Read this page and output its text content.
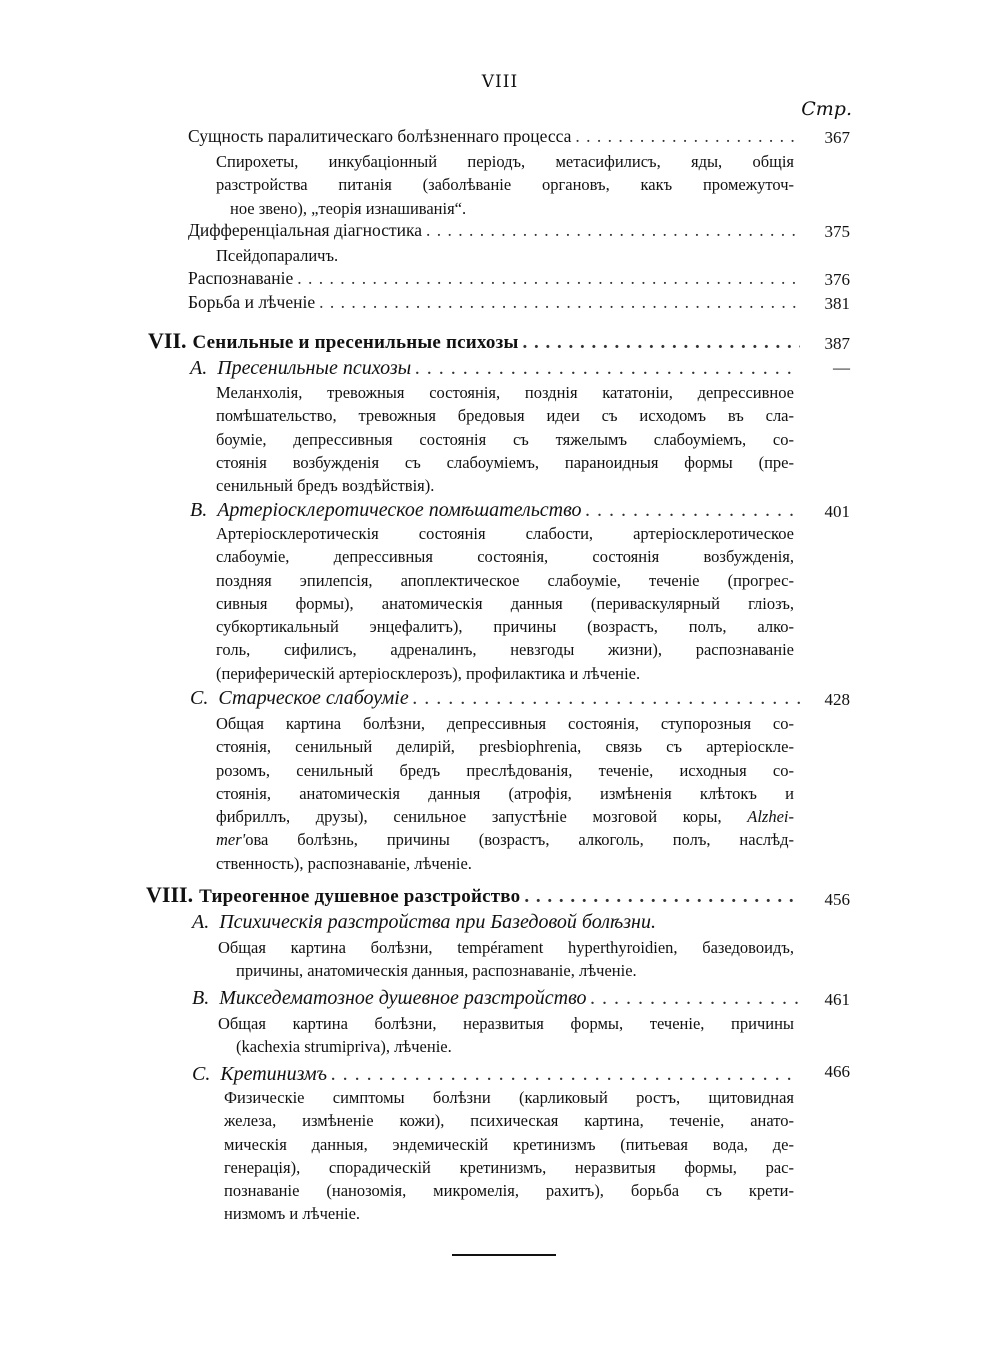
VIII
Стр.
Сущность паралитическаго болѣзненнаго процесса . . .	367
Спирохеты, инкубаціонный періодъ, метасифилисъ, яды, общія
разстройства питанія (заболѣваніе органовъ, какъ промежуточ-
ное звено), „теорія изнашиванія“.
Дифференціальная діагностика . . .	375
Псейдопараличъ.
Распознаваніе . . .	376
Борьба и лѣченіе . . .	381
VII. Сенильные и пресенильные психозы . . .	387
A. Пресенильные психозы . . .	—
Меланхолія, тревожныя состоянія, позднія кататоніи, депрессивное
помѣшательство, тревожныя бредовыя идеи съ исходомъ въ сла-
боуміе, депрессивныя состоянія съ тяжелымъ слабоуміемъ, со-
стоянія возбужденія съ слабоуміемъ, параноидныя формы (пре-
сенильный бредъ воздѣйствія).
B. Артеріосклеротическое помѣшательство . . .	401
Артеріосклеротическія состоянія слабости, артеріосклеротическое
слабоуміе, депрессивныя состоянія, состоянія возбужденія,
поздняя эпилепсія, апоплектическое слабоуміе, теченіе (прогрес-
сивныя формы), анатомическія данныя (периваскулярный гліозъ,
субкортикальный энцефалитъ), причины (возрастъ, полъ, алко-
голь, сифилисъ, адреналинъ, невзгоды жизни), распознаваніе
(периферическій артеріосклерозъ), профилактика и лѣченіе.
C. Старческое слабоуміе . . .	428
Общая картина болѣзни, депрессивныя состоянія, ступорозныя со-
стоянія, сенильный делирій, presbiophrenia, связь съ артеріоскле-
розомъ, сенильный бредъ преслѣдованія, теченіе, исходныя со-
стоянія, анатомическія данныя (атрофія, измѣненія клѣтокъ и
фибриллъ, друзы), сенильное запустѣніе мозговой коры, Alzhei-
mer'ова болѣзнь, причины (возрастъ, алкоголь, полъ, наслѣд-
ственность), распознаваніе, лѣченіе.
VIII. Тиреогенное душевное разстройство . . .	456
A. Психическія разстройства при Базедовой болѣзни.
Общая картина болѣзни, tempérament hyperthyroidien, базедовоидъ,
причины, анатомическія данныя, распознаваніе, лѣченіе.
B. Микседематозное душевное разстройство . . .	461
Общая картина болѣзни, неразвитыя формы, теченіе, причины
(kachexia strumipriva), лѣченіе.
C. Кретинизмъ . . .	466
Физическіе симптомы болѣзни (карликовый ростъ, щитовидная
железа, измѣненіе кожи), психическая картина, теченіе, анато-
мическія данныя, эндемическій кретинизмъ (питьевая вода, де-
генерація), спорадическій кретинизмъ, неразвитыя формы, рас-
познаваніе (нанозомія, микромелія, рахитъ), борьба съ крети-
низмомъ и лѣченіе.
